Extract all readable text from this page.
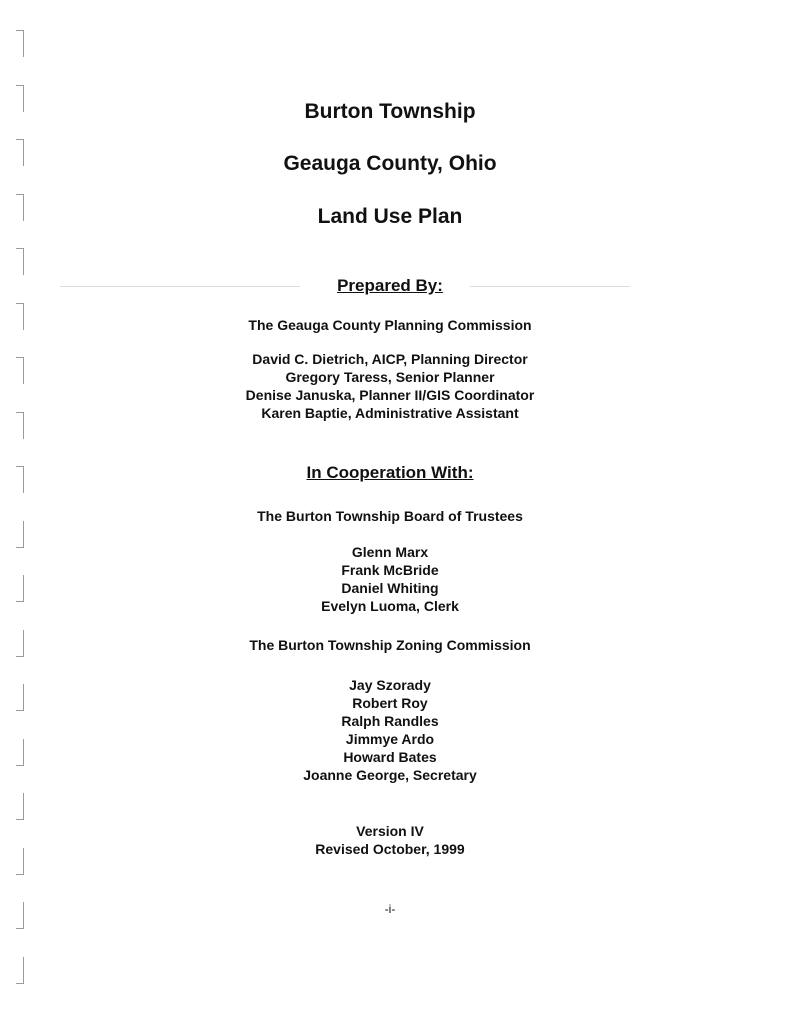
Burton Township
Geauga County, Ohio
Land Use Plan
Prepared By:
The Geauga County Planning Commission
David C. Dietrich, AICP, Planning Director
Gregory Taress, Senior Planner
Denise Januska, Planner II/GIS Coordinator
Karen Baptie, Administrative Assistant
In Cooperation With:
The Burton Township Board of Trustees
Glenn Marx
Frank McBride
Daniel Whiting
Evelyn Luoma, Clerk
The Burton Township Zoning Commission
Jay Szorady
Robert Roy
Ralph Randles
Jimmye Ardo
Howard Bates
Joanne George, Secretary
Version IV
Revised October, 1999
-i-
